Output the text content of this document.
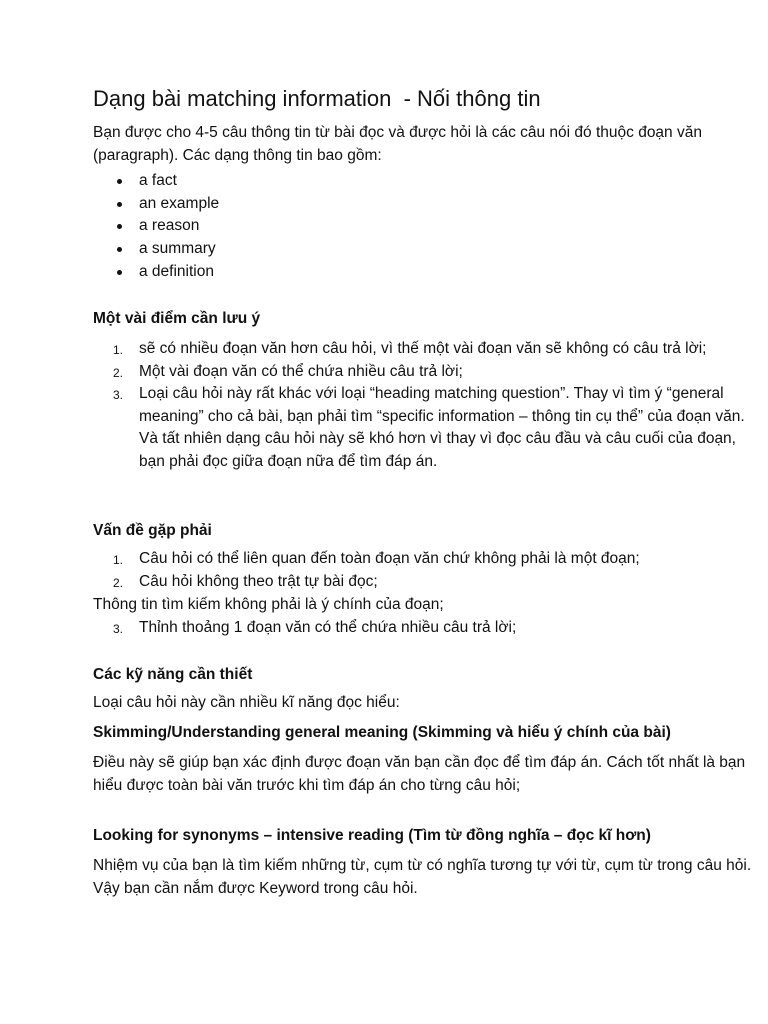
Dạng bài matching information  - Nối thông tin
Bạn được cho 4-5 câu thông tin từ bài đọc và được hỏi là các câu nói đó thuộc đoạn văn (paragraph). Các dạng thông tin bao gồm:
a fact
an example
a reason
a summary
a definition
Một vài điểm cần lưu ý
1. sẽ có nhiều đoạn văn hơn câu hỏi, vì thế một vài đoạn văn sẽ không có câu trả lời;
2. Một vài đoạn văn có thể chứa nhiều câu trả lời;
3. Loại câu hỏi này rất khác với loại “heading matching question”. Thay vì tìm ý “general meaning” cho cả bài, bạn phải tìm “specific information – thông tin cụ thể” của đoạn văn. Và tất nhiên dạng câu hỏi này sẽ khó hơn vì thay vì đọc câu đầu và câu cuối của đoạn, bạn phải đọc giữa đoạn nữa để tìm đáp án.
Vấn đề gặp phải
1. Câu hỏi có thể liên quan đến toàn đoạn văn chứ không phải là một đoạn;
2. Câu hỏi không theo trật tự bài đọc;
Thông tin tìm kiếm không phải là ý chính của đoạn;
3. Thỉnh thoảng 1 đoạn văn có thể chứa nhiều câu trả lời;
Các kỹ năng cần thiết
Loại câu hỏi này cần nhiều kĩ năng đọc hiểu:
Skimming/Understanding general meaning (Skimming và hiểu ý chính của bài)
Điều này sẽ giúp bạn xác định được đoạn văn bạn cần đọc để tìm đáp án. Cách tốt nhất là bạn hiểu được toàn bài văn trước khi tìm đáp án cho từng câu hỏi;
Looking for synonyms – intensive reading (Tìm từ đồng nghĩa – đọc kĩ hơn)
Nhiệm vụ của bạn là tìm kiếm những từ, cụm từ có nghĩa tương tự với từ, cụm từ trong câu hỏi. Vậy bạn cần nắm được Keyword trong câu hỏi.
